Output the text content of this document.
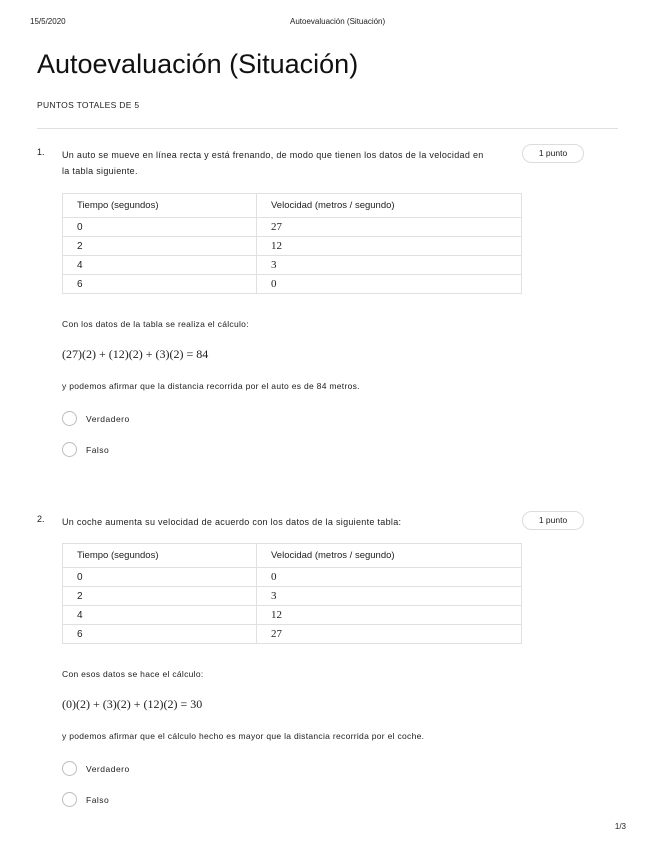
15/5/2020	Autoevaluación (Situación)
Autoevaluación (Situación)
PUNTOS TOTALES DE 5
1. Un auto se mueve en línea recta y está frenando, de modo que tienen los datos de la velocidad en la tabla siguiente.
1 punto
Tiempo (segundos)	Velocidad (metros / segundo)
0	27
2	12
4	3
6	0
Con los datos de la tabla se realiza el cálculo:
(27)(2) + (12)(2) + (3)(2) = 84
y podemos afirmar que la distancia recorrida por el auto es de 84 metros.
Verdadero
Falso
2. Un coche aumenta su velocidad de acuerdo con los datos de la siguiente tabla:	1 punto
Tiempo (segundos)	Velocidad (metros / segundo)
0	0
2	3
4	12
6	27
Con esos datos se hace el cálculo:
(0)(2) + (3)(2) + (12)(2) = 30
y podemos afirmar que el cálculo hecho es mayor que la distancia recorrida por el coche.
Verdadero
Falso
1/3
